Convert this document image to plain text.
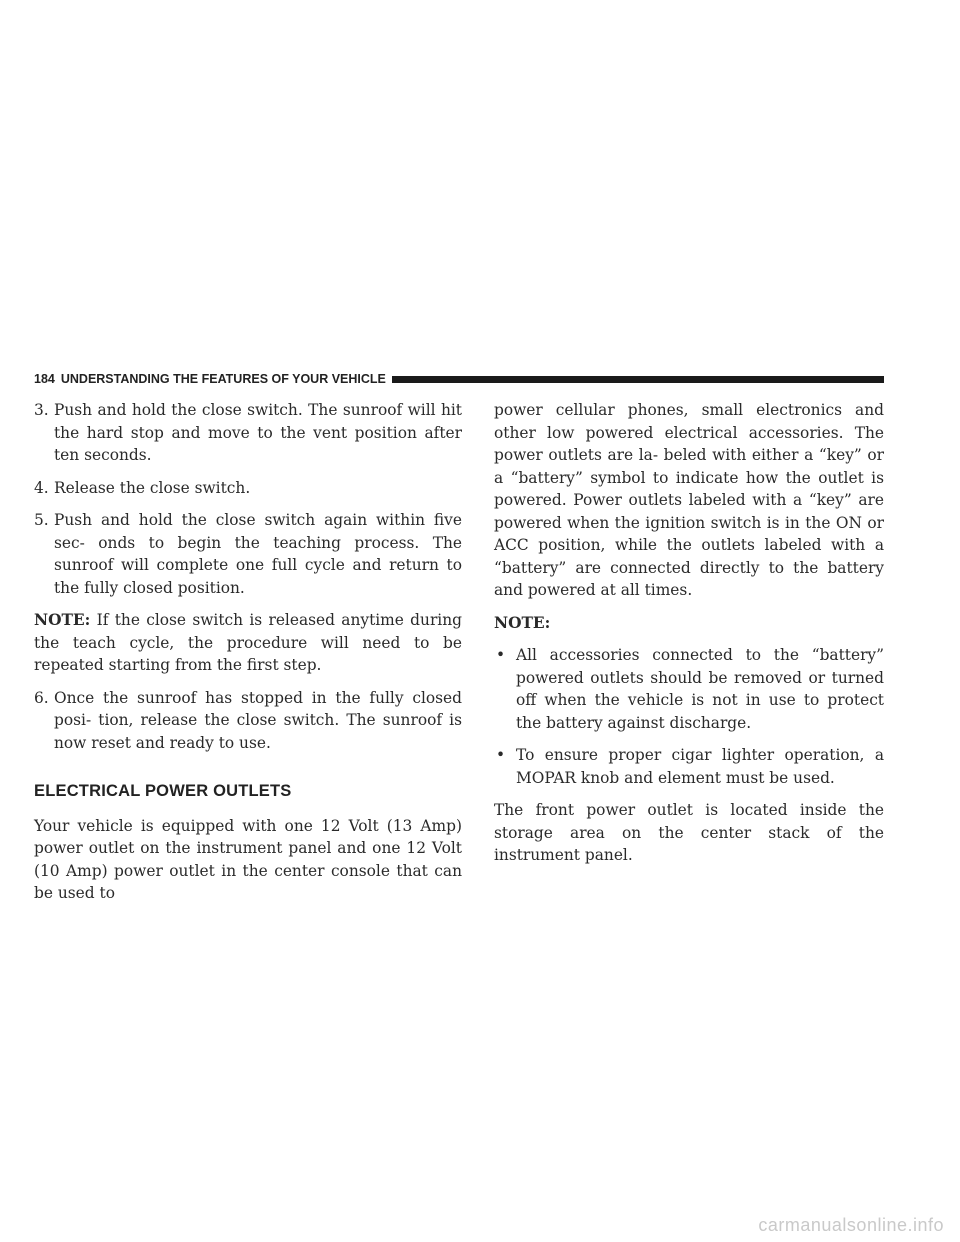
184 UNDERSTANDING THE FEATURES OF YOUR VEHICLE
3. Push and hold the close switch. The sunroof will hit the hard stop and move to the vent position after ten seconds.
4. Release the close switch.
5. Push and hold the close switch again within five sec- onds to begin the teaching process. The sunroof will complete one full cycle and return to the fully closed position.

NOTE: If the close switch is released anytime during the teach cycle, the procedure will need to be repeated starting from the first step.

6. Once the sunroof has stopped in the fully closed posi- tion, release the close switch. The sunroof is now reset and ready to use.
ELECTRICAL POWER OUTLETS

Your vehicle is equipped with one 12 Volt (13 Amp) power outlet on the instrument panel and one 12 Volt (10 Amp) power outlet in the center console that can be used to

power cellular phones, small electronics and other low powered electrical accessories. The power outlets are la- beled with either a “key” or a “battery” symbol to indicate how the outlet is powered. Power outlets labeled with a “key” are powered when the ignition switch is in the ON or ACC position, while the outlets labeled with a “battery” are connected directly to the battery and powered at all times.

NOTE:
• All accessories connected to the “battery” powered outlets should be removed or turned off when the vehicle is not in use to protect the battery against discharge.
• To ensure proper cigar lighter operation, a MOPAR knob and element must be used.

The front power outlet is located inside the storage area on the center stack of the instrument panel.

carmanualsonline.info
